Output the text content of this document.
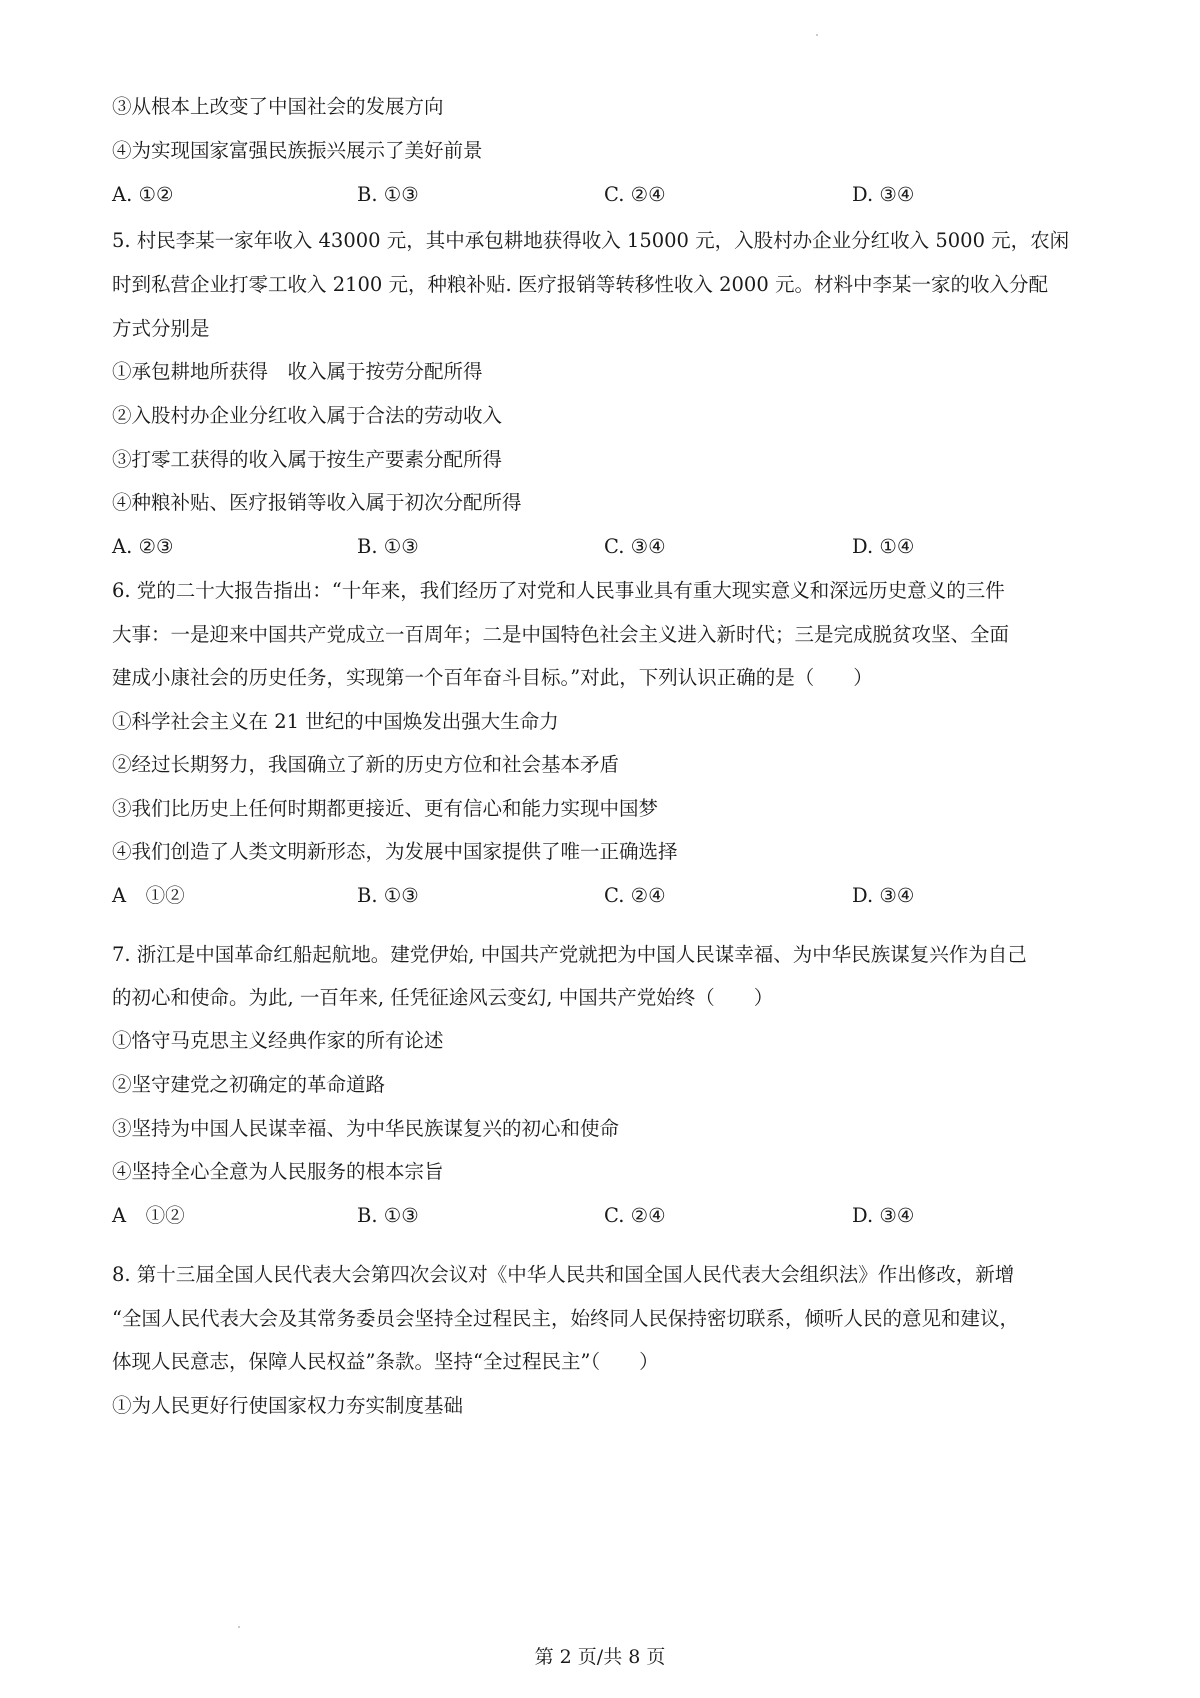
③从根本上改变了中国社会的发展方向
④为实现国家富强民族振兴展示了美好前景
A. ①②	B. ①③	C. ②④	D. ③④
5. 村民李某一家年收入 43000 元，其中承包耕地获得收入 15000 元，入股村办企业分红收入 5000 元，农闲
时到私营企业打零工收入 2100 元，种粮补贴. 医疗报销等转移性收入 2000 元。材料中李某一家的收入分配
方式分别是
①承包耕地所获得　收入属于按劳分配所得
②入股村办企业分红收入属于合法的劳动收入
③打零工获得的收入属于按生产要素分配所得
④种粮补贴、医疗报销等收入属于初次分配所得
A. ②③	B. ①③	C. ③④	D. ①④
6. 党的二十大报告指出：“十年来，我们经历了对党和人民事业具有重大现实意义和深远历史意义的三件
大事：一是迎来中国共产党成立一百周年；二是中国特色社会主义进入新时代；三是完成脱贫攻坚、全面
建成小康社会的历史任务，实现第一个百年奋斗目标。”对此，下列认识正确的是（　　）
①科学社会主义在 21 世纪的中国焕发出强大生命力
②经过长期努力，我国确立了新的历史方位和社会基本矛盾
③我们比历史上任何时期都更接近、更有信心和能力实现中国梦
④我们创造了人类文明新形态，为发展中国家提供了唯一正确选择
A　①②	B. ①③	C. ②④	D. ③④
7. 浙江是中国革命红船起航地。建党伊始, 中国共产党就把为中国人民谋幸福、为中华民族谋复兴作为自己
的初心和使命。为此, 一百年来, 任凭征途风云变幻, 中国共产党始终（　　）
①恪守马克思主义经典作家的所有论述
②坚守建党之初确定的革命道路
③坚持为中国人民谋幸福、为中华民族谋复兴的初心和使命
④坚持全心全意为人民服务的根本宗旨
A　①②	B. ①③	C. ②④	D. ③④
8. 第十三届全国人民代表大会第四次会议对《中华人民共和国全国人民代表大会组织法》作出修改，新增
“全国人民代表大会及其常务委员会坚持全过程民主，始终同人民保持密切联系，倾听人民的意见和建议，
体现人民意志，保障人民权益”条款。坚持“全过程民主”（　　）
①为人民更好行使国家权力夯实制度基础
第 2 页/共 8 页
